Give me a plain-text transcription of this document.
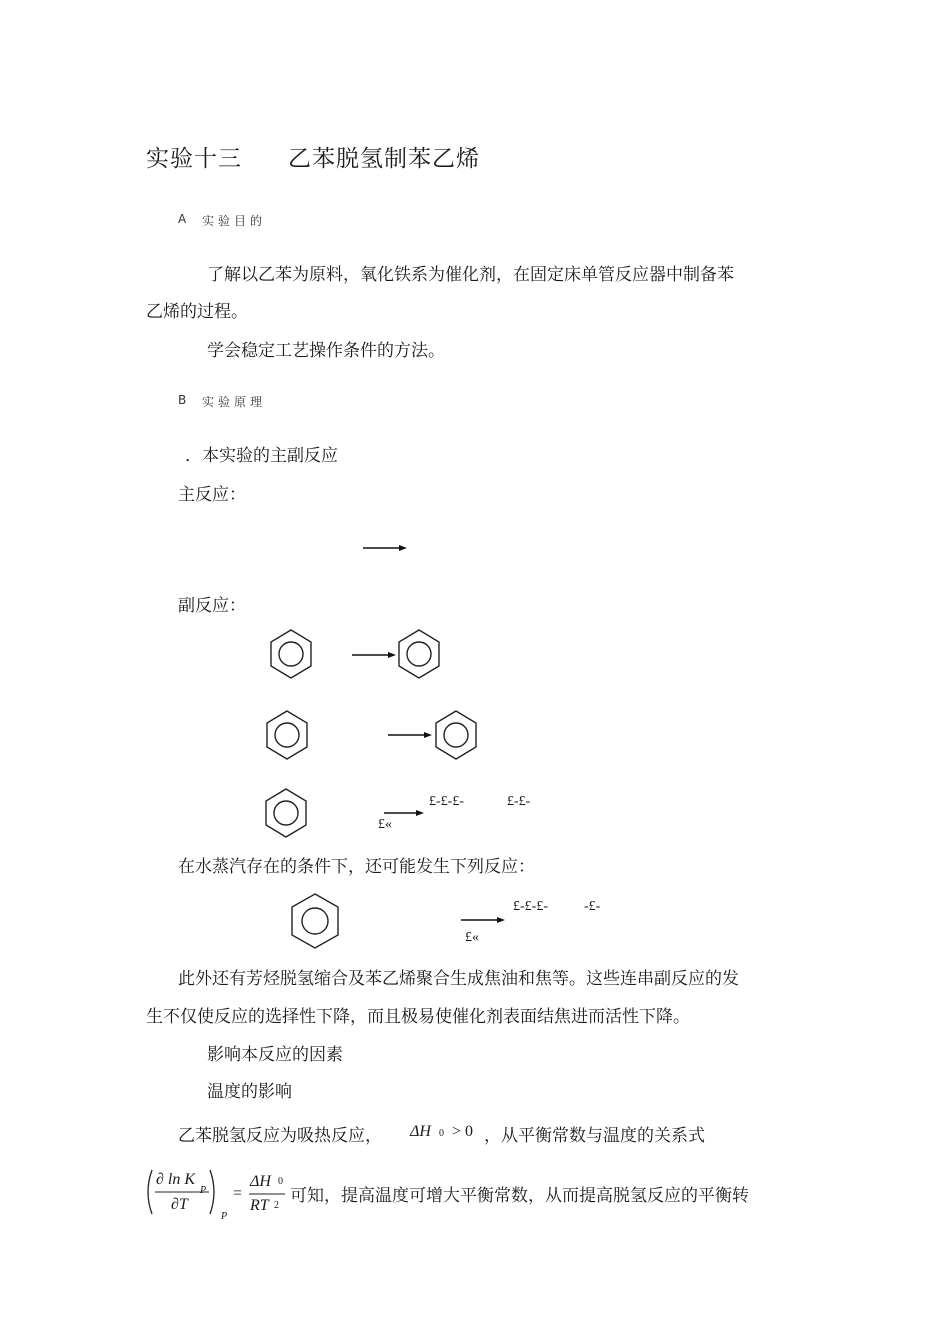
实验十三 乙苯脱氢制苯乙烯
A 实验目的
了解以乙苯为原料，氧化铁系为催化剂，在固定床单管反应器中制备苯
乙烯的过程。
学会稳定工艺操作条件的方法。
B 实验原理
．本实验的主副反应
主反应：
副反应：
£-£-£-	£-£-
£«
在水蒸汽存在的条件下，还可能发生下列反应：
£-£-£-	-£-
£«
此外还有芳烃脱氢缩合及苯乙烯聚合生成焦油和焦等。这些连串副反应的发
生不仅使反应的选择性下降，而且极易使催化剂表面结焦进而活性下降。
影响本反应的因素
温度的影响
乙苯脱氢反应为吸热反应， ΔH 0 > 0 ，从平衡常数与温度的关系式
∂ ln K
P
∂T
P
=
ΔH 0
RT 2 可知，提高温度可增大平衡常数，从而提高脱氢反应的平衡转
